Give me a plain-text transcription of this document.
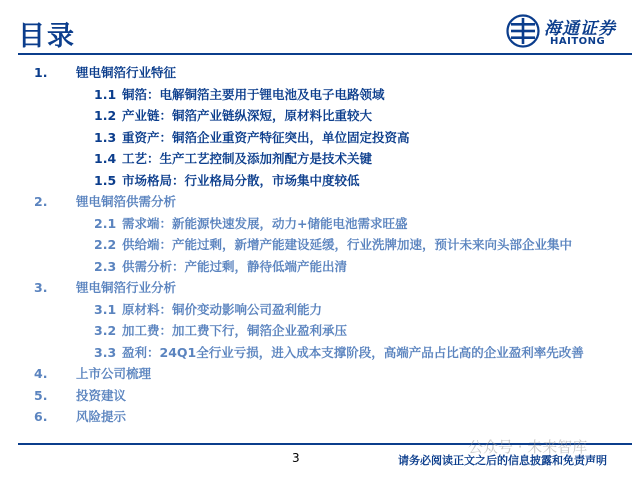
目录	海通证券
HAITONG
1. 锂电铜箔行业特征
1.1 铜箔：电解铜箔主要用于锂电池及电子电路领域
1.2 产业链：铜箔产业链纵深短，原材料比重较大
1.3 重资产：铜箔企业重资产特征突出，单位固定投资高
1.4 工艺：生产工艺控制及添加剂配方是技术关键
1.5 市场格局：行业格局分散，市场集中度较低
2. 锂电铜箔供需分析
2.1 需求端：新能源快速发展，动力+储能电池需求旺盛
2.2 供给端：产能过剩，新增产能建设延缓，行业洗牌加速，预计未来向头部企业集中
2.3 供需分析：产能过剩，静待低端产能出清
3. 锂电铜箔行业分析
3.1 原材料：铜价变动影响公司盈利能力
3.2 加工费：加工费下行，铜箔企业盈利承压
3.3 盈利：24Q1全行业亏损，进入成本支撑阶段，高端产品占比高的企业盈利率先改善
4. 上市公司梳理
5. 投资建议
6. 风险提示
3	请务必阅读正文之后的信息披露和免责声明
公众号 · 未来智库
